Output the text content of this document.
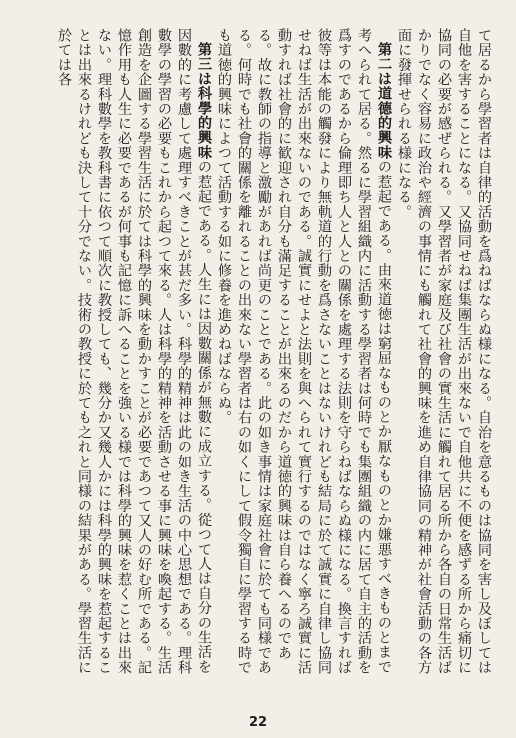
て居るから學習者は自律的活動を爲ねばならぬ様になる。自治を意るものは協同を害し及ぼしては自他を害することになる。又協同せねば集團生活が出來ないで自他共に不便を感ずる所から痛切に協同の必要が感ぜられる。又學習者が家庭及び社會の實生活に觸れて居る所から各自の日常生活ばかりでなく容易に政治や經濟の事情にも觸れて社會的興味を進め自律協同の精神が社會活動の各方面に發揮せられる様になる。

第二は道德的興味の惹起である。由來道徳は窮屈なものとか厭なものとか嫌悪すべきものとまで考へられて居る。然るに學習組織内に活動する學習者は何時でも集團組織の内に居て自主的活動を爲すのであるから倫理即ち人と人との關係を處理する法則を守らねばならぬ様になる。換言すれば彼等は本能の觸發により無軌道的行動を爲さないことはないけれども結局に於て誠實に自律し協同せねば生活が出來ないのである。誠實にせよと法則を與へられて實行するのではなく寧ろ誠實に活動すれば社會的に歓迎され自分も滿足することが出來るのだから道徳的興味は自ら養へるのである。故に教師の指導と激勵があれば尚更のことである。此の如き事情は家庭社會に於ても同様である。何時でも社會的關係を離れることの出來ない學習者は右の如くにして假令獨自に學習する時でも道徳的興味によつて活動する如に修養を進めねばならぬ。

第三は科學的興味の惹起である。人生には因數關係が無數に成立する。從つて人は自分の生活を因數的に考慮して處理すべきことが甚だ多い。科學的精神は此の如き生活の中心思想である。理科數學の學習の必要もこれから起つて來る。人は科學的精神を活動させる事に興味を喚起する。生活創造を企圖する學習生活に於ては科學的興味を動かすことが必要であつて又人の好む所である。記憶作用も人生に必要であるが何事も記憶に訴へることを強いる様では科學的興味を惹くことは出來ない。理科數學を教科書に依つて順次に教授しても、幾分か又幾人かには科學的興味を惹起することは出來るけれども決して十分でない。技術の教授に於ても之れと同様の結果がある。學習生活に於ては各

22
